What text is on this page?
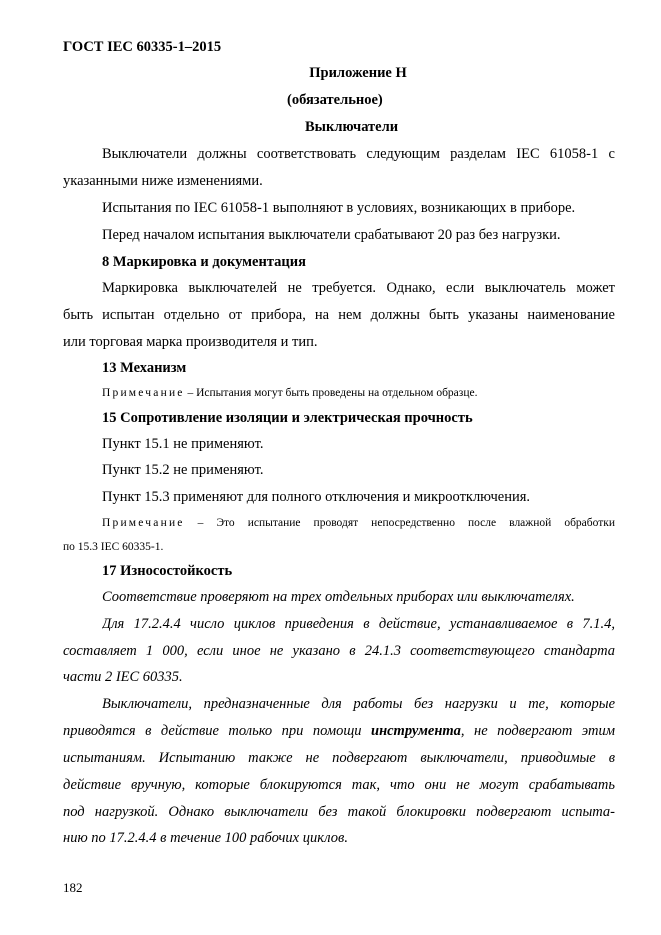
ГОСТ IEC 60335-1–2015
Приложение Н
(обязательное)
Выключатели
Выключатели должны соответствовать следующим разделам IEC 61058-1 с
указанными ниже изменениями.
Испытания по IEC 61058-1 выполняют в условиях, возникающих в приборе.
Перед началом испытания выключатели срабатывают 20 раз без нагрузки.
8 Маркировка и документация
Маркировка выключателей не требуется. Однако, если выключатель может
быть испытан отдельно от прибора, на нем должны быть указаны наименование
или торговая марка производителя и тип.
13 Механизм
Примечание – Испытания могут быть проведены на отдельном образце.
15 Сопротивление изоляции и электрическая прочность
Пункт 15.1 не применяют.
Пункт 15.2 не применяют.
Пункт 15.3 применяют для полного отключения и микроотключения.
Примечание – Это испытание проводят непосредственно после влажной обработки
по 15.3 IEC 60335-1.
17 Износостойкость
Соответствие проверяют на трех отдельных приборах или выключателях.
Для 17.2.4.4 число циклов приведения в действие, устанавливаемое в 7.1.4,
составляет 1 000, если иное не указано в 24.1.3 соответствующего стандарта
части 2 IEC 60335.
Выключатели, предназначенные для работы без нагрузки и те, которые
приводятся в действие только при помощи инструмента, не подвергают этим
испытаниям. Испытанию также не подвергают выключатели, приводимые в
действие вручную, которые блокируются так, что они не могут срабатывать
под нагрузкой. Однако выключатели без такой блокировки подвергают испыта-
нию по 17.2.4.4 в течение 100 рабочих циклов.
182
